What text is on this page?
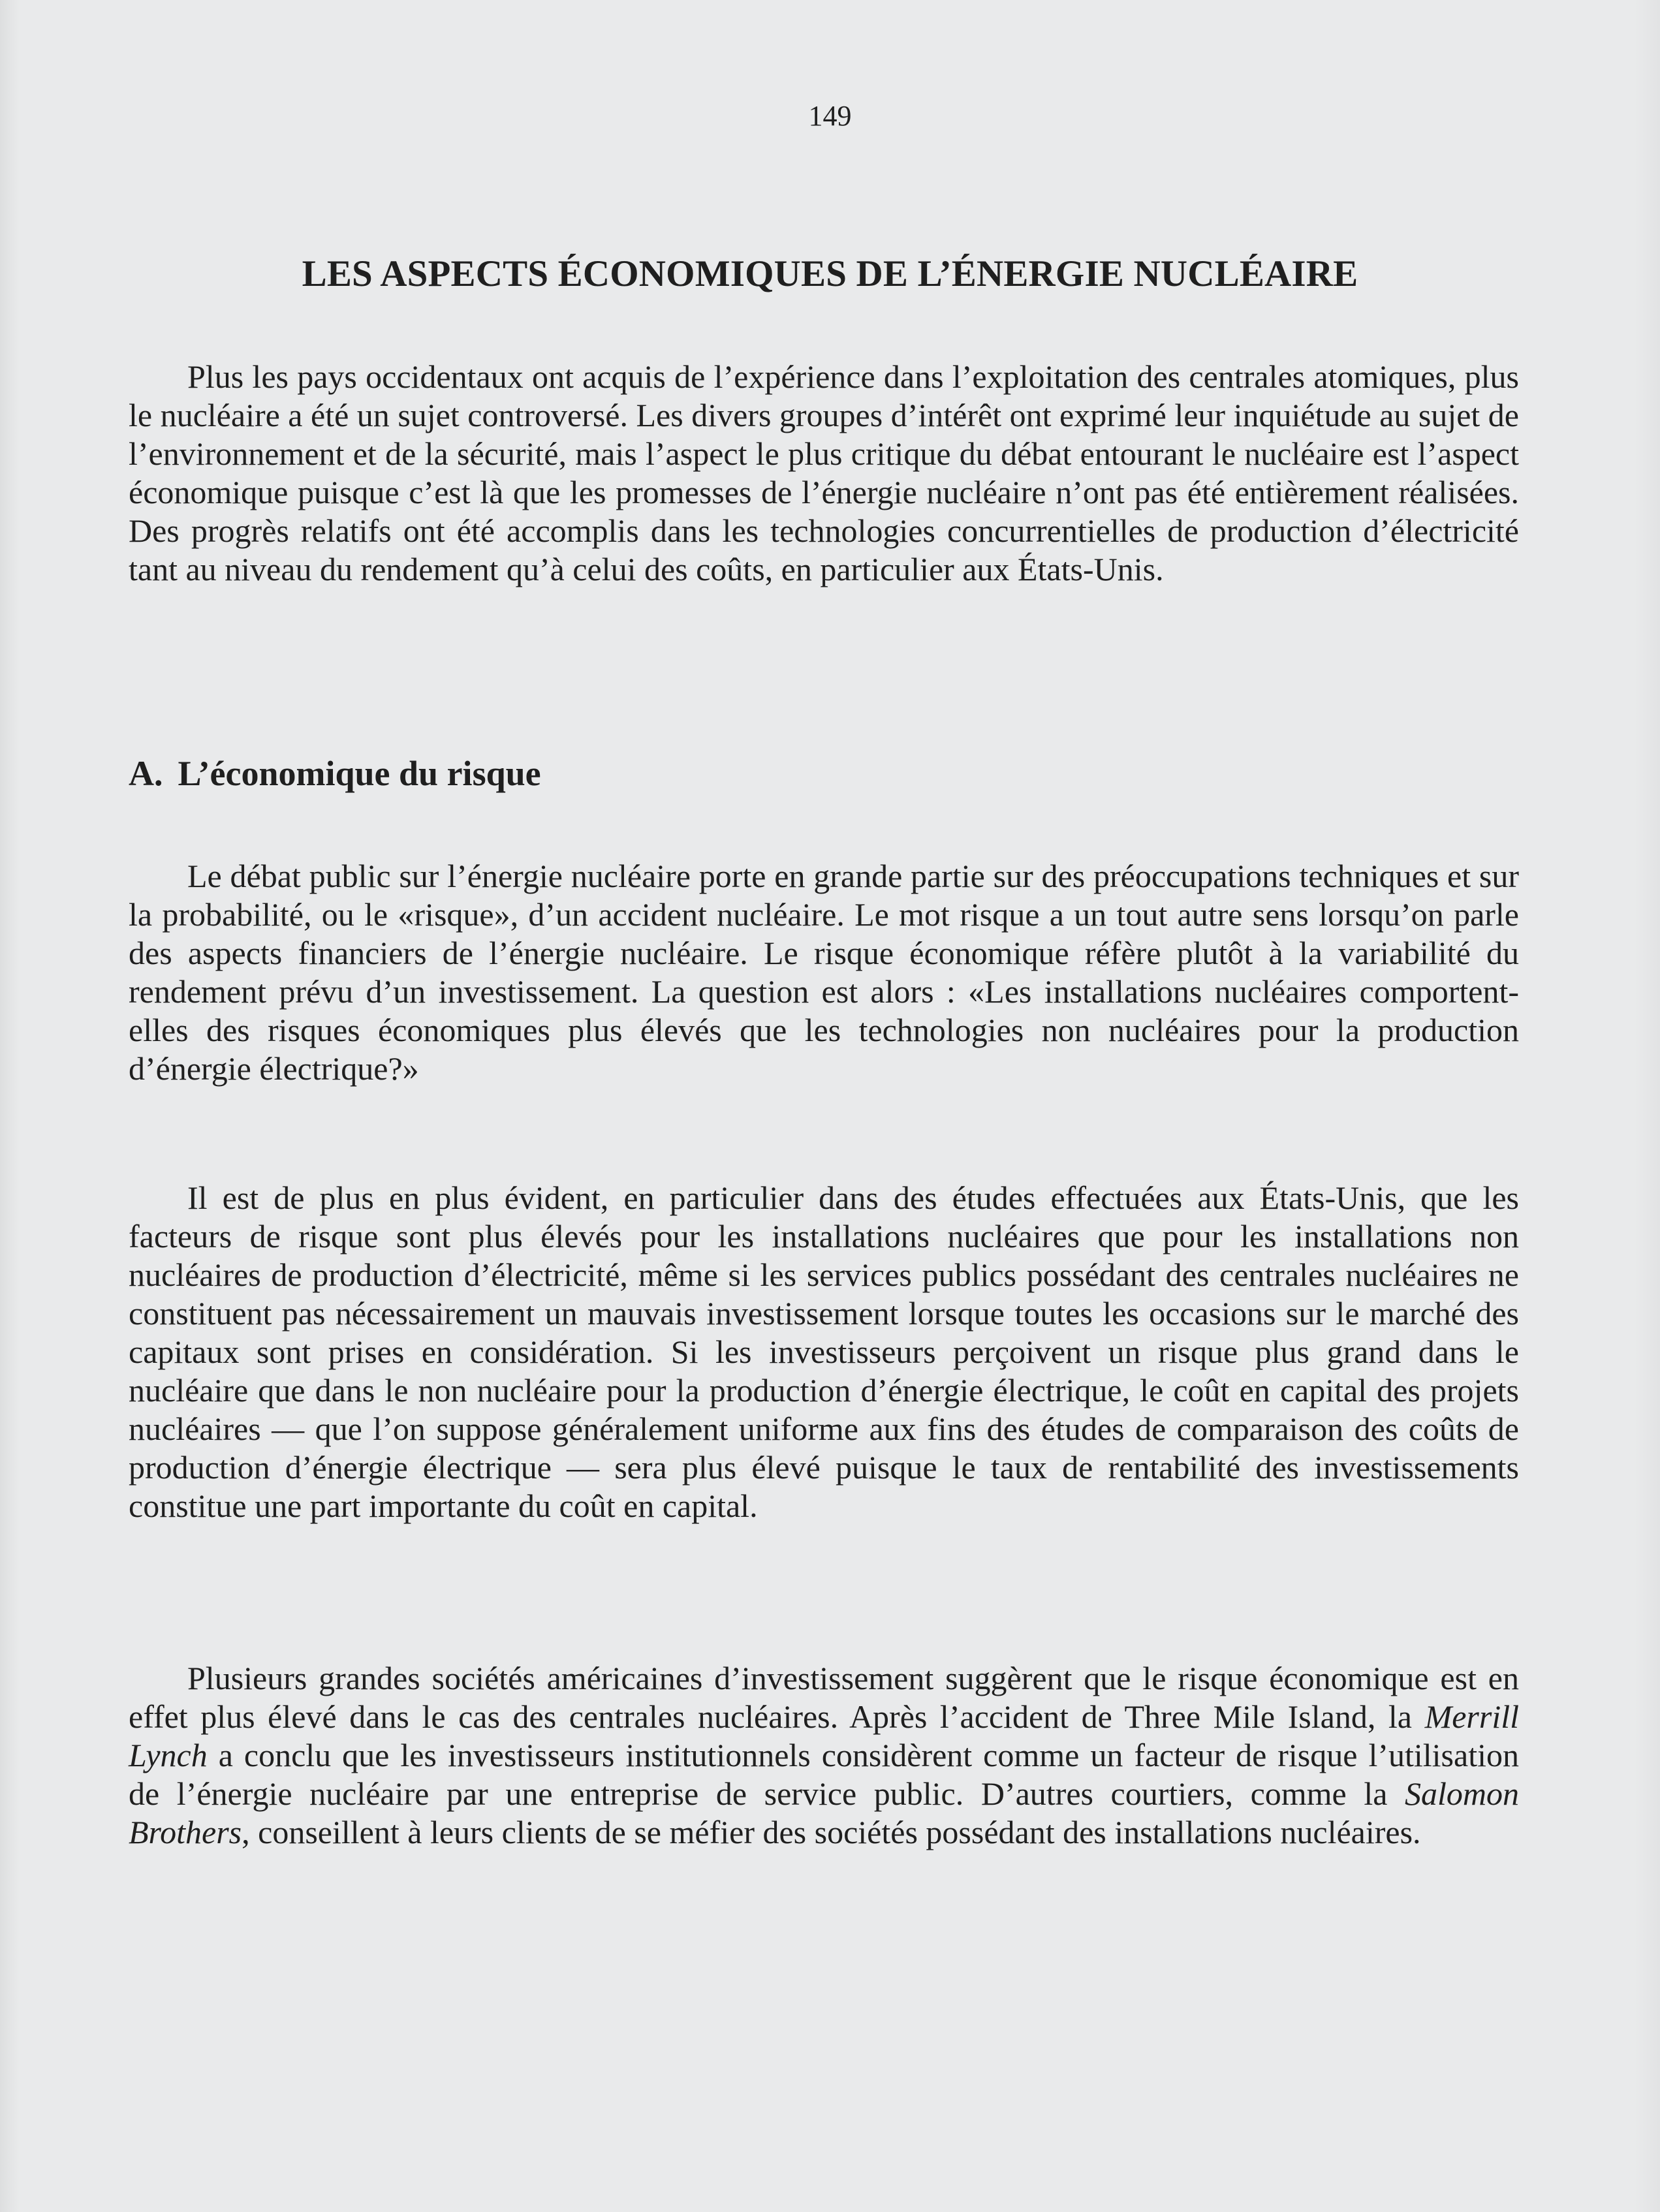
149
LES ASPECTS ÉCONOMIQUES DE L’ÉNERGIE NUCLÉAIRE

Plus les pays occidentaux ont acquis de l’expérience dans l’exploitation des centrales atomiques, plus le nucléaire a été un sujet controversé. Les divers groupes d’intérêt ont exprimé leur inquiétude au sujet de l’environnement et de la sécurité, mais l’aspect le plus critique du débat entourant le nucléaire est l’aspect économique puisque c’est là que les promesses de l’énergie nucléaire n’ont pas été entièrement réalisées. Des progrès relatifs ont été accomplis dans les technologies concurrentielles de production d’électricité tant au niveau du rendement qu’à celui des coûts, en particulier aux États-Unis.

A. L’économique du risque

Le débat public sur l’énergie nucléaire porte en grande partie sur des préoccupations techniques et sur la probabilité, ou le «risque», d’un accident nucléaire. Le mot risque a un tout autre sens lorsqu’on parle des aspects financiers de l’énergie nucléaire. Le risque économique réfère plutôt à la variabilité du rendement prévu d’un investissement. La question est alors : «Les installations nucléaires comportent-elles des risques économiques plus élevés que les technologies non nucléaires pour la production d’énergie électrique?»

Il est de plus en plus évident, en particulier dans des études effectuées aux États-Unis, que les facteurs de risque sont plus élevés pour les installations nucléaires que pour les installations non nucléaires de production d’électricité, même si les services publics possédant des centrales nucléaires ne constituent pas nécessairement un mauvais investissement lorsque toutes les occasions sur le marché des capitaux sont prises en considération. Si les investisseurs perçoivent un risque plus grand dans le nucléaire que dans le non nucléaire pour la production d’énergie électrique, le coût en capital des projets nucléaires — que l’on suppose généralement uniforme aux fins des études de comparaison des coûts de production d’énergie électrique — sera plus élevé puisque le taux de rentabilité des investissements constitue une part importante du coût en capital.

Plusieurs grandes sociétés américaines d’investissement suggèrent que le risque économique est en effet plus élevé dans le cas des centrales nucléaires. Après l’accident de Three Mile Island, la Merrill Lynch a conclu que les investisseurs institutionnels considèrent comme un facteur de risque l’utilisation de l’énergie nucléaire par une entreprise de service public. D’autres courtiers, comme la Salomon Brothers, conseillent à leurs clients de se méfier des sociétés possédant des installations nucléaires.
